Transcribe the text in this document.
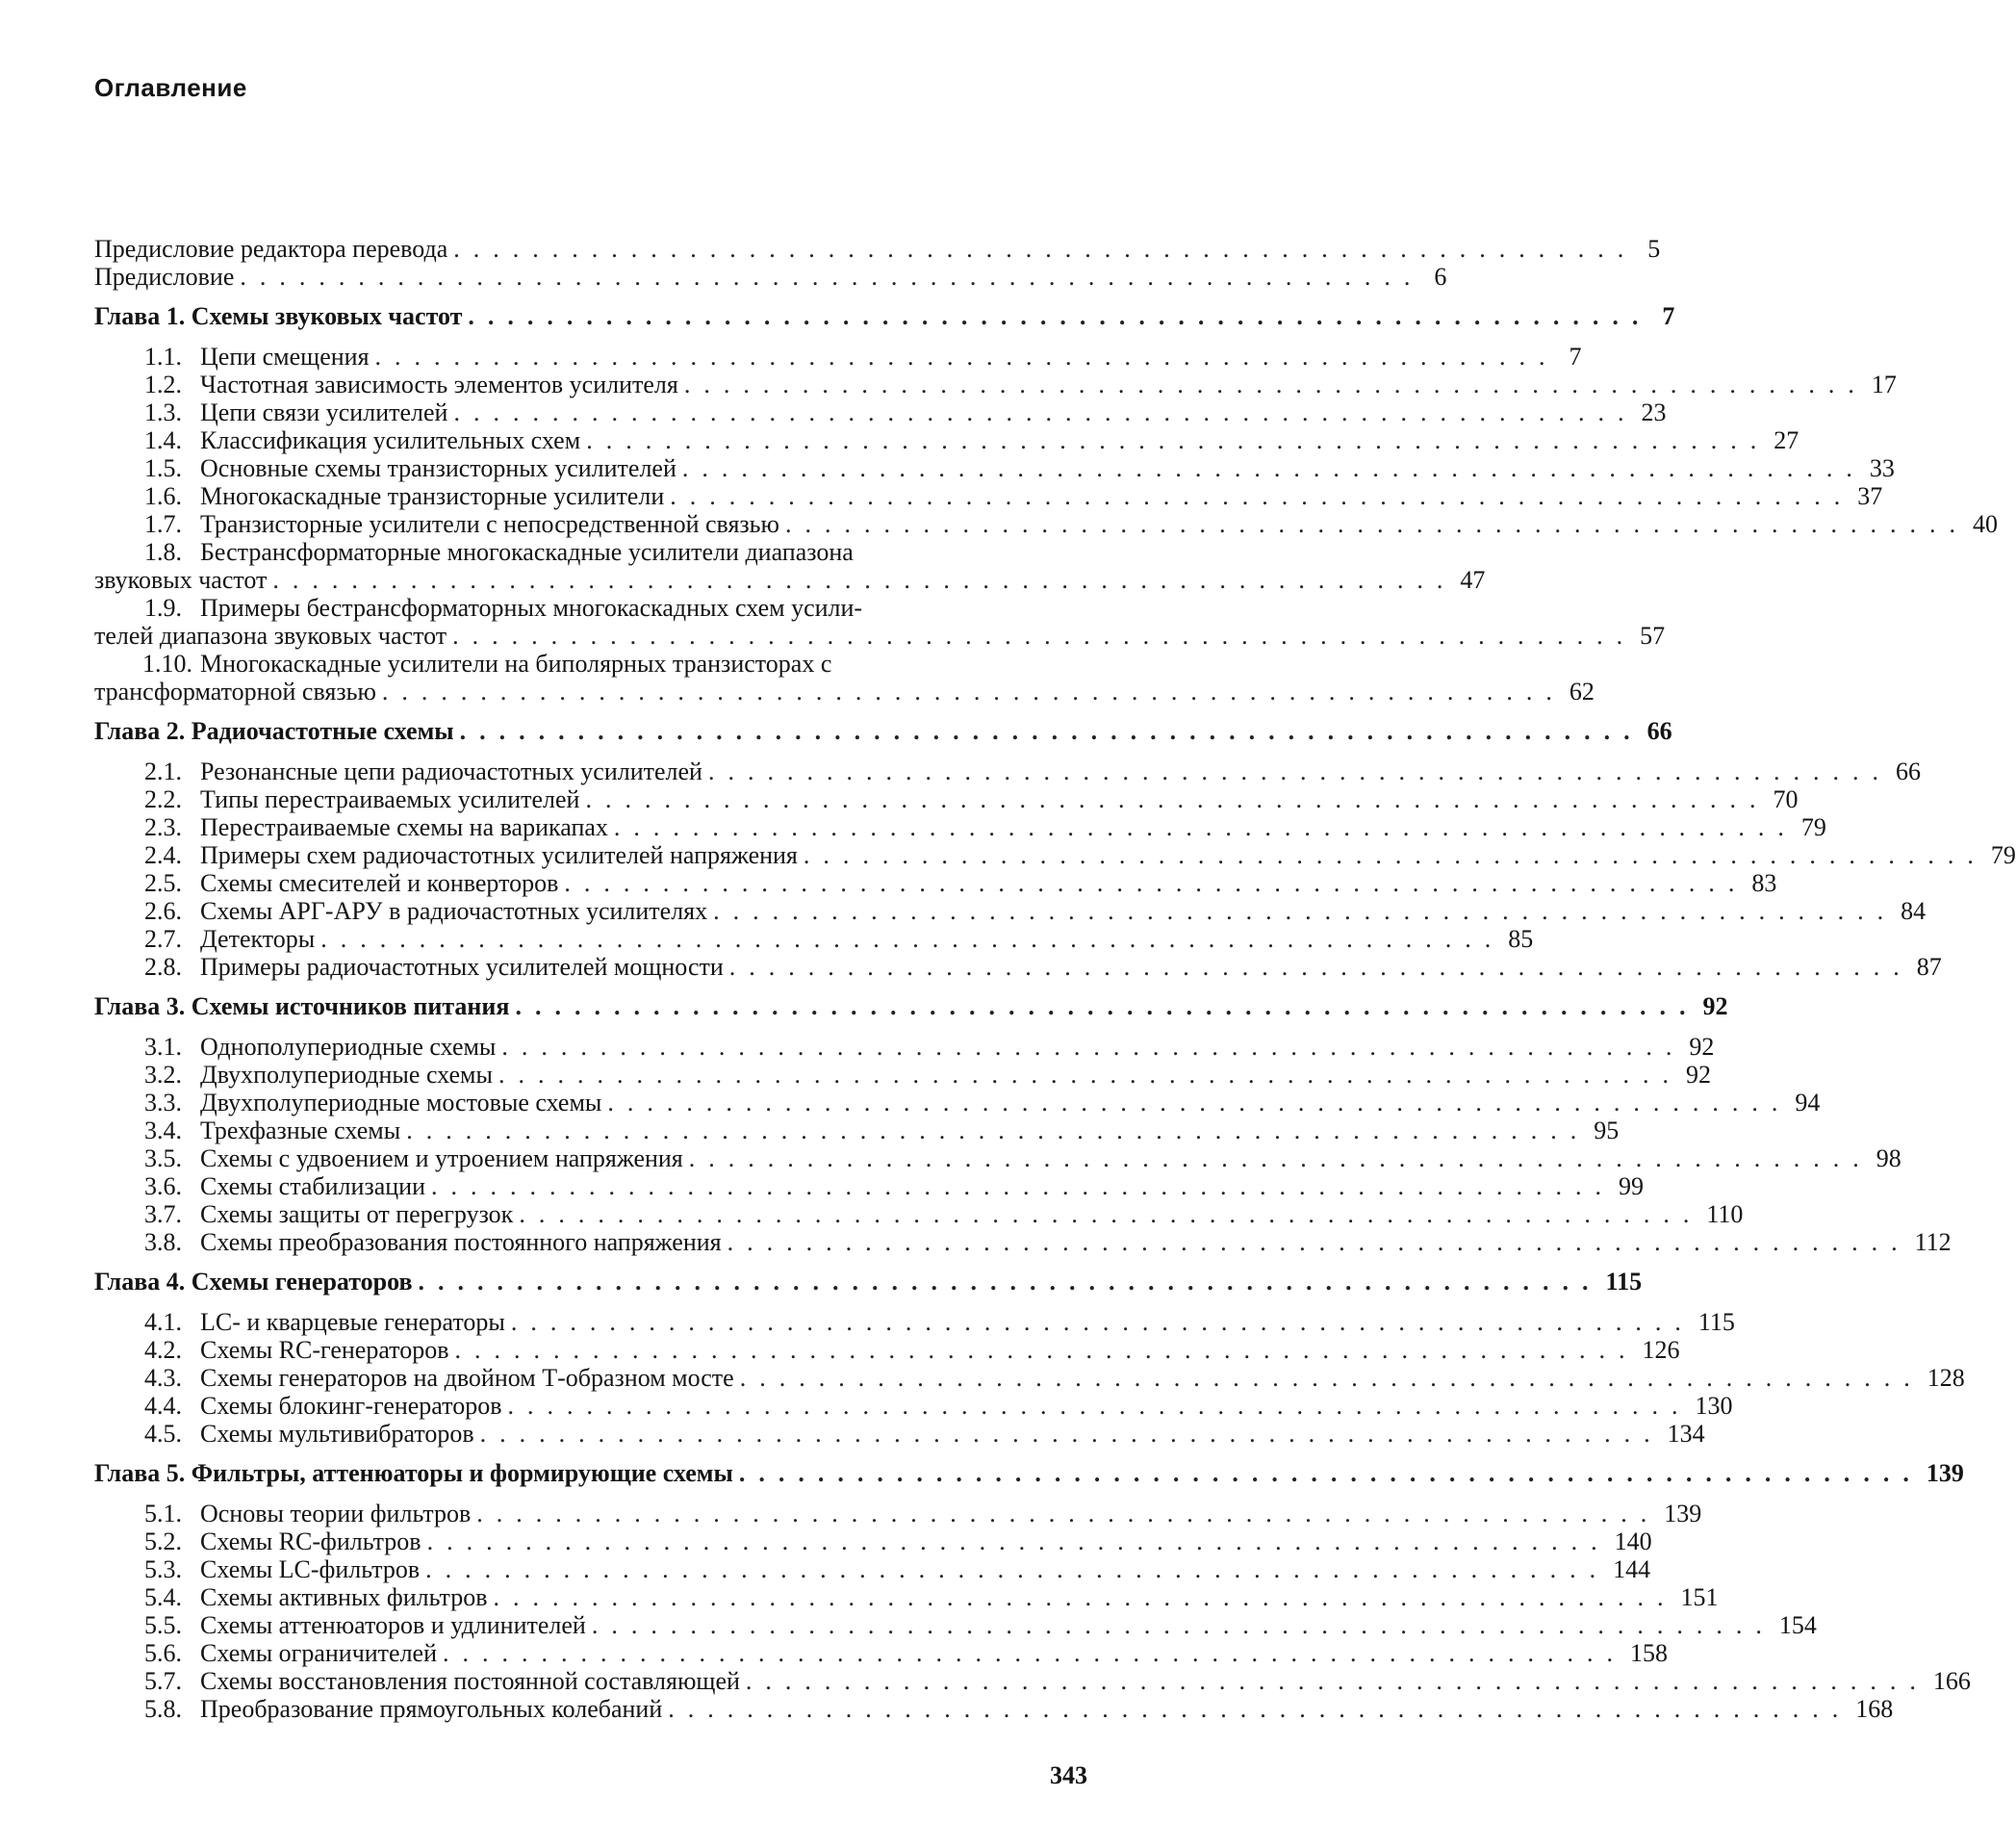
Оглавление
Предисловие редактора перевода ............................................................ 5
Предисловие ............................................................ 6
Глава 1.
Схемы звуковых частот ............................................................ 7
1.1. Цепи смещения ............................................................ 7
1.2. Частотная зависимость элементов усилителя ............................................................ 17
1.3. Цепи связи усилителей ............................................................ 23
1.4. Классификация усилительных схем ............................................................ 27
1.5. Основные схемы транзисторных усилителей ............................................................ 33
1.6. Многокаскадные транзисторные усилители ............................................................ 37
1.7. Транзисторные усилители с непосредственной связью ............................................................ 40
1.8. Бестрансформаторные многокаскадные усилители диапазона
звуковых частот ............................................................ 47
1.9. Примеры бестранcформаторных многокаскадных схем усили-
телей диапазона звуковых частот ............................................................ 57
1.10. Многокаскадные усилители на биполярных транзисторах с
трансформаторной связью ............................................................ 62
Глава 2.
Радиочастотные схемы ............................................................ 66
2.1. Резонансные цепи радиочастотных усилителей ............................................................ 66
2.2. Типы перестраиваемых усилителей ............................................................ 70
2.3. Перестраиваемые схемы на варикапах ............................................................ 79
2.4. Примеры схем радиочастотных усилителей напряжения ............................................................ 79
2.5. Схемы смесителей и конверторов ............................................................ 83
2.6. Схемы АРГ-АРУ в радиочастотных усилителях ............................................................ 84
2.7. Детекторы ............................................................ 85
2.8. Примеры радиочастотных усилителей мощности ............................................................ 87
Глава 3.
Схемы источников питания ............................................................ 92
3.1. Однополупериодные схемы ............................................................ 92
3.2. Двухполупериодные схемы ............................................................ 92
3.3. Двухполупериодные мостовые схемы ............................................................ 94
3.4. Трехфазные схемы ............................................................ 95
3.5. Схемы с удвоением и утроением напряжения ............................................................ 98
3.6. Схемы стабилизации ............................................................ 99
3.7. Схемы защиты от перегрузок ............................................................ 110
3.8. Схемы преобразования постоянного напряжения ............................................................ 112
Глава 4.
Схемы генераторов ............................................................ 115
4.1. LC- и кварцевые генераторы ............................................................ 115
4.2. Схемы RC-генераторов ............................................................ 126
4.3. Схемы генераторов на двойном Т-образном мосте ............................................................ 128
4.4. Схемы блокинг-генераторов ............................................................ 130
4.5. Схемы мультивибраторов ............................................................ 134
Глава 5.
Фильтры, аттенюаторы и формирующие схемы ............................................................ 139
5.1. Основы теории фильтров ............................................................ 139
5.2. Схемы RC-фильтров ............................................................ 140
5.3. Схемы LC-фильтров ............................................................ 144
5.4. Схемы активных фильтров ............................................................ 151
5.5. Схемы аттенюаторов и удлинителей ............................................................ 154
5.6. Схемы ограничителей ............................................................ 158
5.7. Схемы восстановления постоянной составляющей ............................................................ 166
5.8. Преобразование прямоугольных колебаний ............................................................ 168
343
